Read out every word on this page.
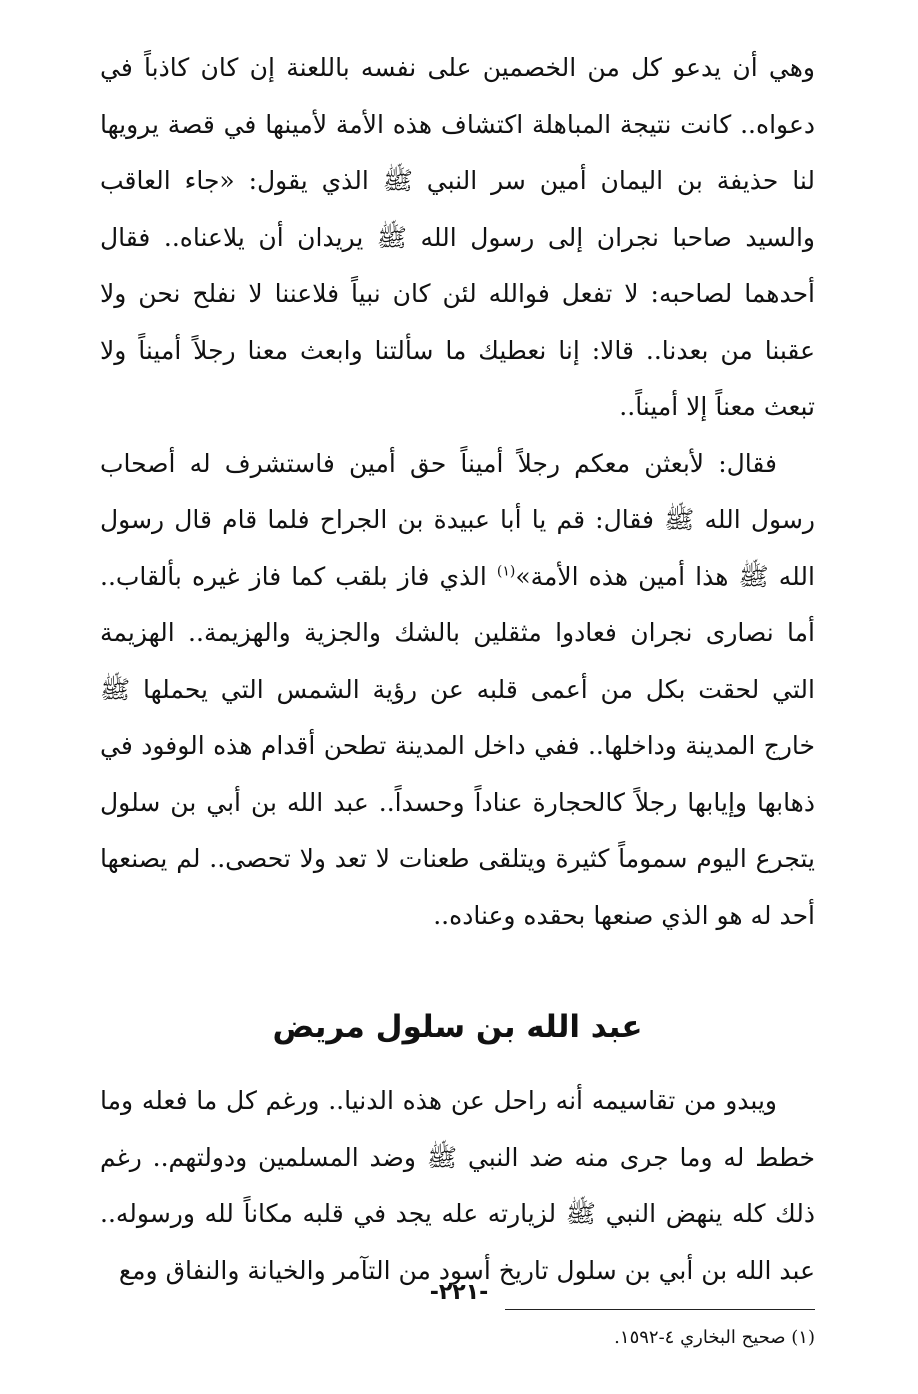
وهي أن يدعو كل من الخصمين على نفسه باللعنة إن كان كاذباً في دعواه.. كانت نتيجة المباهلة اكتشاف هذه الأمة لأمينها في قصة يرويها لنا حذيفة بن اليمان أمين سر النبي ﷺ الذي يقول: «جاء العاقب والسيد صاحبا نجران إلى رسول الله ﷺ يريدان أن يلاعناه.. فقال أحدهما لصاحبه: لا تفعل فوالله لئن كان نبياً فلاعننا لا نفلح نحن ولا عقبنا من بعدنا.. قالا: إنا نعطيك ما سألتنا وابعث معنا رجلاً أميناً ولا تبعث معناً إلا أميناً..

فقال: لأبعثن معكم رجلاً أميناً حق أمين فاستشرف له أصحاب رسول الله ﷺ فقال: قم يا أبا عبيدة بن الجراح فلما قام قال رسول الله ﷺ هذا أمين هذه الأمة»$^{(١)}$ الذي فاز بلقب كما فاز غيره بألقاب.. أما نصارى نجران فعادوا مثقلين بالشك والجزية والهزيمة.. الهزيمة التي لحقت بكل من أعمى قلبه عن رؤية الشمس التي يحملها ﷺ خارج المدينة وداخلها.. ففي داخل المدينة تطحن أقدام هذه الوفود في ذهابها وإيابها رجلاً كالحجارة عناداً وحسداً.. عبد الله بن أبي بن سلول يتجرع اليوم سموماً كثيرة ويتلقى طعنات لا تعد ولا تحصى.. لم يصنعها أحد له هو الذي صنعها بحقده وعناده..

عبد الله بن سلول مريض

ويبدو من تقاسيمه أنه راحل عن هذه الدنيا.. ورغم كل ما فعله وما خطط له وما جرى منه ضد النبي ﷺ وضد المسلمين ودولتهم.. رغم ذلك كله ينهض النبي ﷺ لزيارته عله يجد في قلبه مكاناً لله ورسوله.. عبد الله بن أبي بن سلول تاريخ أسود من التآمر والخيانة والنفاق ومع

(١) صحيح البخاري ٤-١٥٩٢.

-٢٢١-
